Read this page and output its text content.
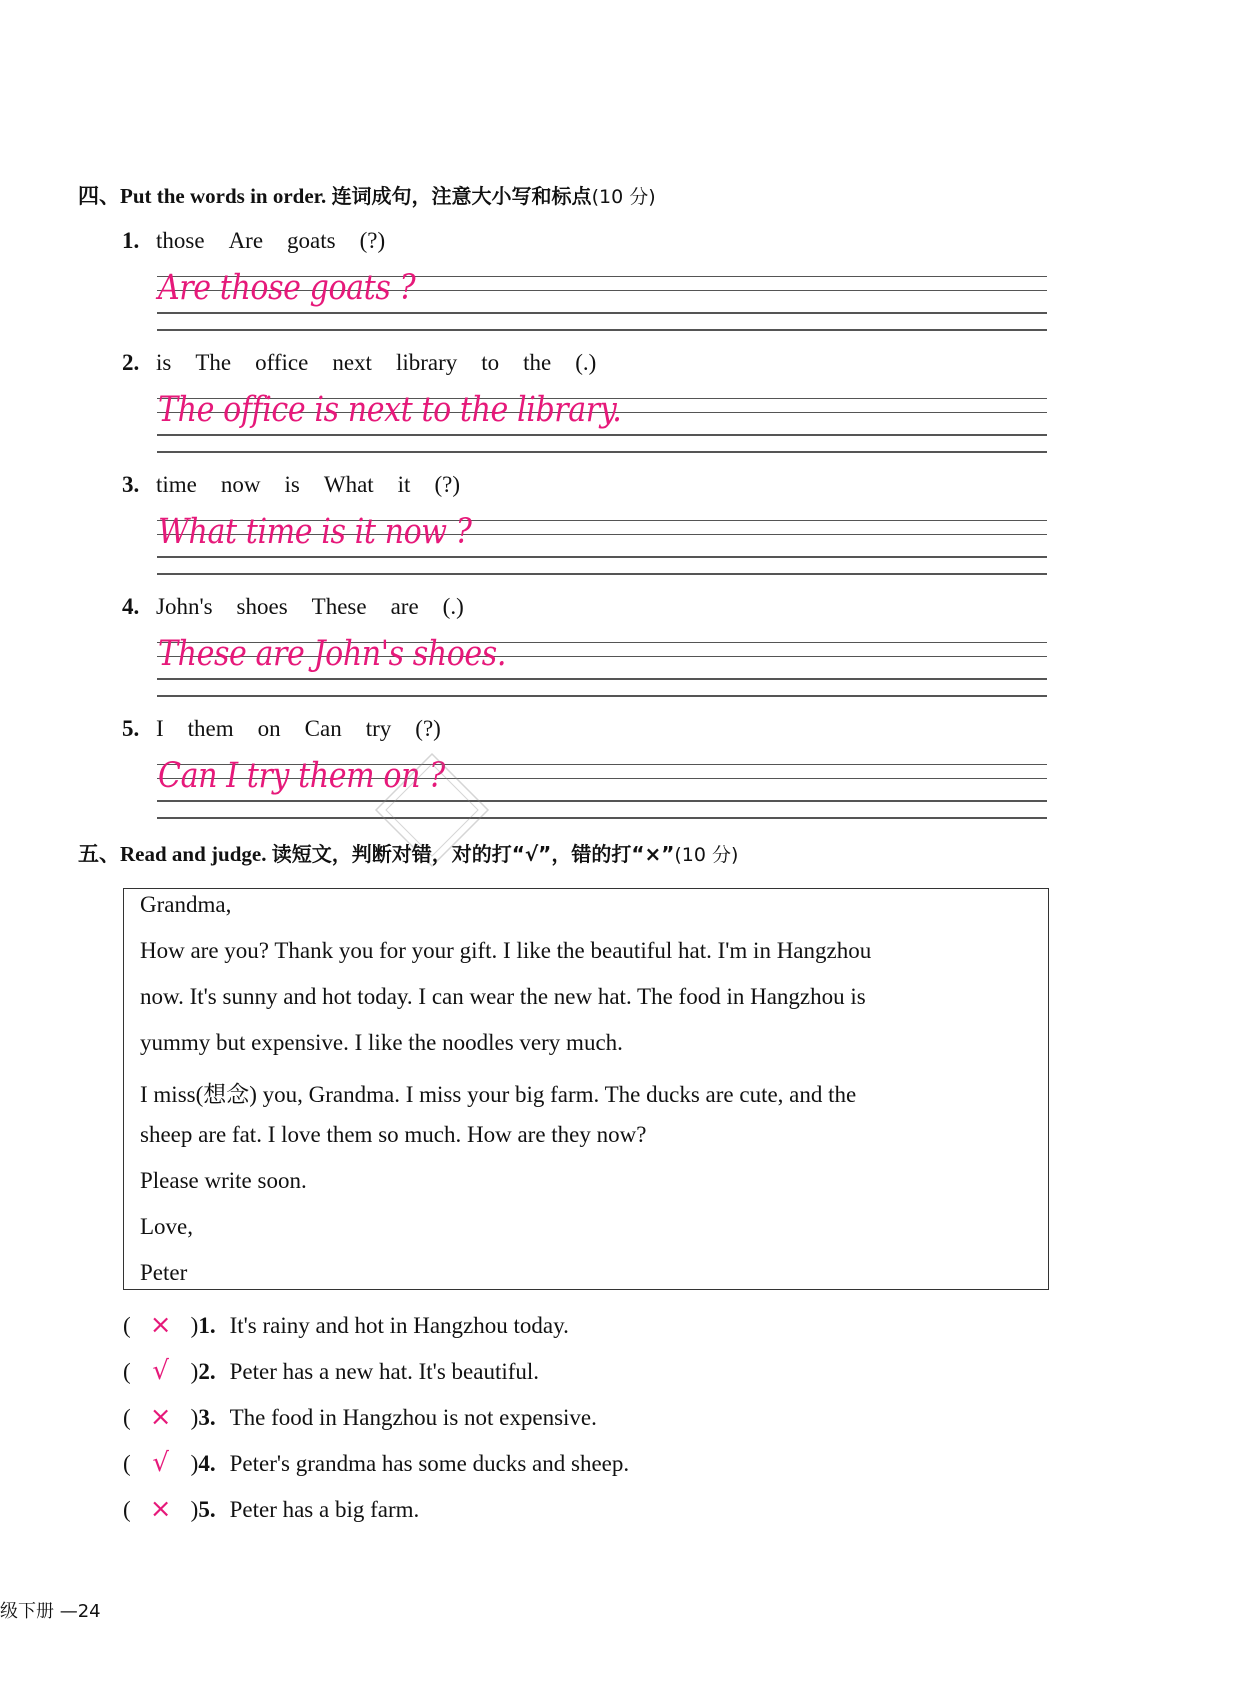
四、Put the words in order. 连词成句，注意大小写和标点(10 分)
1. those Are goats (?)
Are those goats ?
2. is The office next library to the (.)
The office is next to the library.
3. time now is What it (?)
What time is it now ?
4. John's shoes These are (.)
These are John's shoes.
5. I them on Can try (?)
Can I try them on ?
五、Read and judge. 读短文，判断对错，对的打“√”，错的打“×”(10 分)
Grandma,
How are you? Thank you for your gift. I like the beautiful hat. I'm in Hangzhou
now. It's sunny and hot today. I can wear the new hat. The food in Hangzhou is
yummy but expensive. I like the noodles very much.
I miss(想念) you, Grandma. I miss your big farm. The ducks are cute, and the
sheep are fat. I love them so much. How are they now?
Please write soon.
Love,
Peter
( × )1. It's rainy and hot in Hangzhou today.
( √ )2. Peter has a new hat. It's beautiful.
( × )3. The food in Hangzhou is not expensive.
( √ )4. Peter's grandma has some ducks and sheep.
( × )5. Peter has a big farm.
级下册 —24
